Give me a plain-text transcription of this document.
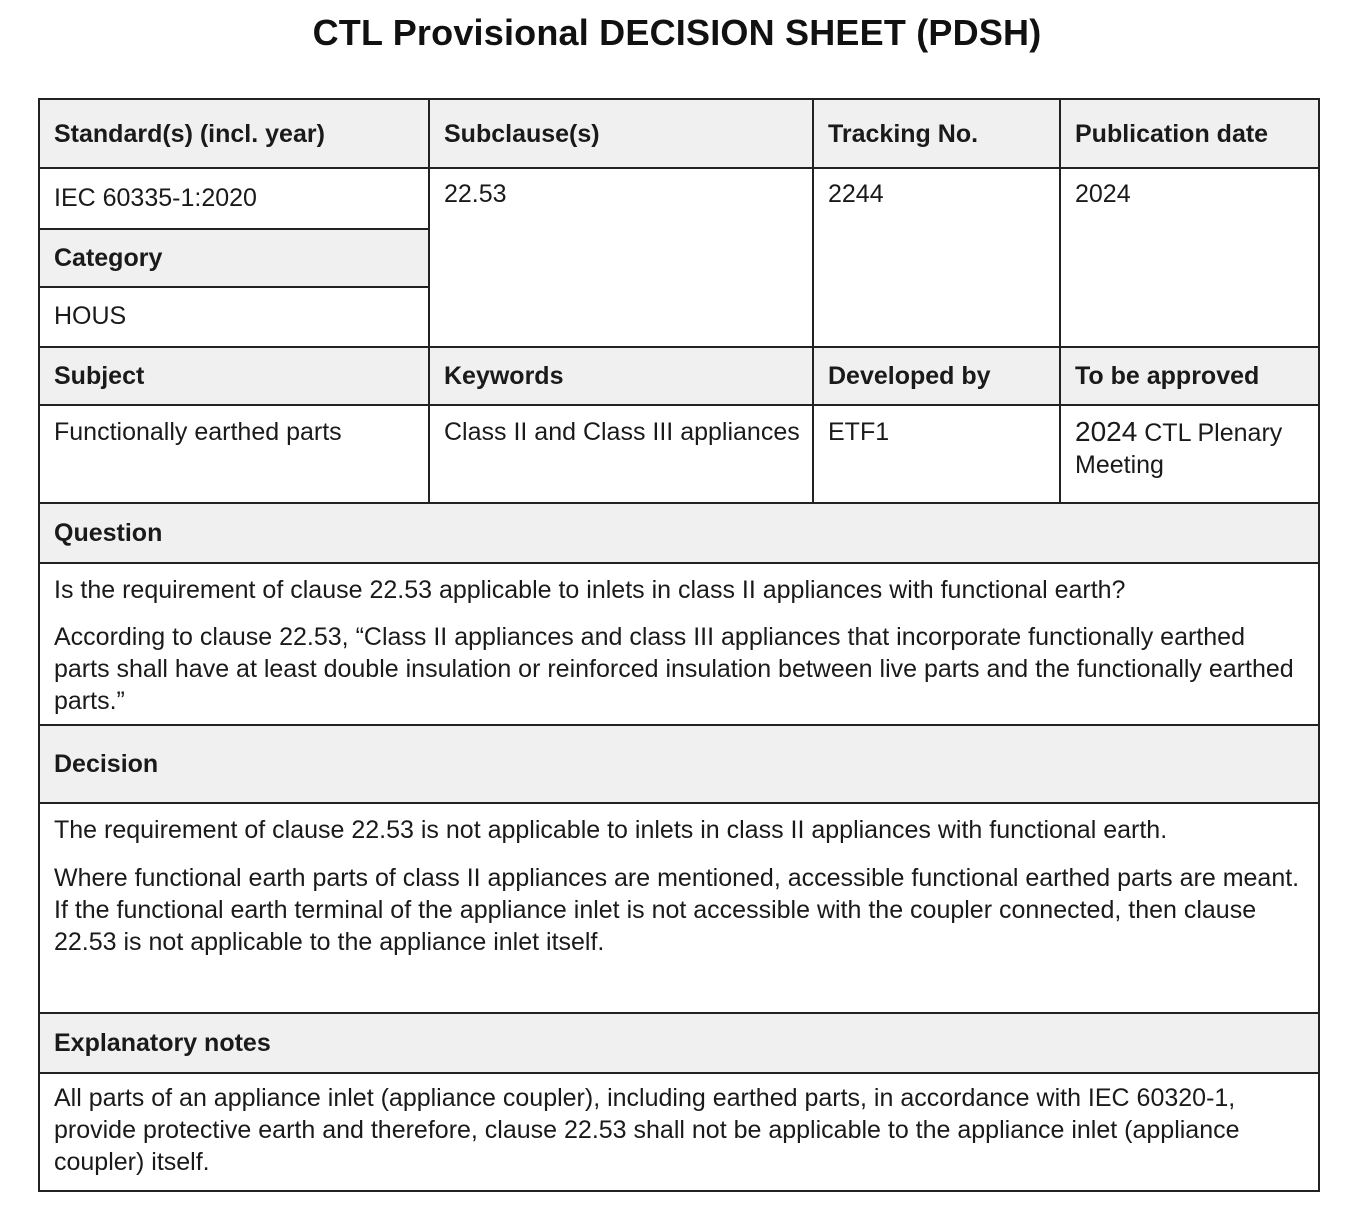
CTL Provisional DECISION SHEET (PDSH)
Standard(s) (incl. year)	Subclause(s)	Tracking No.	Publication date
IEC 60335-1:2020	22.53	2244	2024
Category
HOUS
Subject	Keywords	Developed by	To be approved
Functionally earthed parts	Class II and Class III appliances	ETF1	2024 CTL Plenary Meeting
Question

Is the requirement of clause 22.53 applicable to inlets in class II appliances with functional earth?

According to clause 22.53, “Class II appliances and class III appliances that incorporate functionally earthed parts shall have at least double insulation or reinforced insulation between live parts and the functionally earthed parts.”

Decision

The requirement of clause 22.53 is not applicable to inlets in class II appliances with functional earth.

Where functional earth parts of class II appliances are mentioned, accessible functional earthed parts are meant. If the functional earth terminal of the appliance inlet is not accessible with the coupler connected, then clause 22.53 is not applicable to the appliance inlet itself.

Explanatory notes

All parts of an appliance inlet (appliance coupler), including earthed parts, in accordance with IEC 60320-1, provide protective earth and therefore, clause 22.53 shall not be applicable to the appliance inlet (appliance coupler) itself.
